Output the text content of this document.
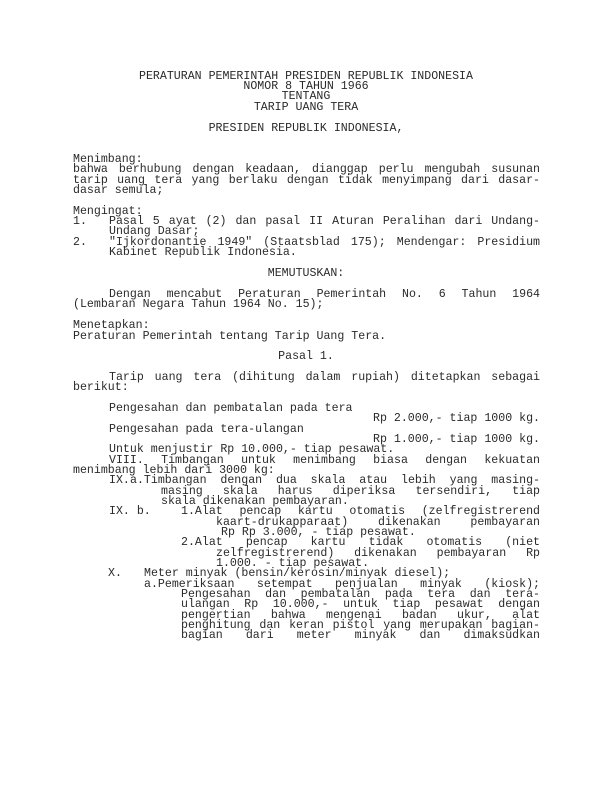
PERATURAN PEMERINTAH PRESIDEN REPUBLIK INDONESIA
NOMOR 8 TAHUN 1966
TENTANG
TARIP UANG TERA
PRESIDEN REPUBLIK INDONESIA,
Menimbang:
bahwa berhubung dengan keadaan, dianggap perlu mengubah susunan
tarip uang tera yang berlaku dengan tidak menyimpang dari dasar-
dasar semula;
Mengingat:
1. Pasal 5 ayat (2) dan pasal II Aturan Peralihan dari Undang-
Undang Dasar;
2. "Ijkordonantie 1949" (Staatsblad 175); Mendengar: Presidium
Kabinet Republik Indonesia.
MEMUTUSKAN:
Dengan mencabut Peraturan Pemerintah No. 6 Tahun 1964
(Lembaran Negara Tahun 1964 No. 15);
Menetapkan:
Peraturan Pemerintah tentang Tarip Uang Tera.
Pasal 1.
Tarip uang tera (dihitung dalam rupiah) ditetapkan sebagai
berikut:
Pengesahan dan pembatalan pada tera
Rp 2.000,- tiap 1000 kg.
Pengesahan pada tera-ulangan
Rp 1.000,- tiap 1000 kg.
Untuk menjustir Rp 10.000,- tiap pesawat.
VIII. Timbangan untuk menimbang biasa dengan kekuatan
menimbang lebih dari 3000 kg:
IX. a.Timbangan dengan dua skala atau lebih yang masing-
masing skala harus diperiksa tersendiri, tiap
skala dikenakan pembayaran.
IX. b.	1.Alat pencap kartu otomatis (zelfregistrerend
kaart-drukapparaat) dikenakan pembayaran
Rp Rp 3.000, - tiap pesawat.
2.Alat pencap kartu tidak otomatis (niet
zelfregistrerend) dikenakan pembayaran Rp
1.000. - tiap pesawat.
X. Meter minyak (bensin/kerosin/minyak diesel);
a.Pemeriksaan setempat penjualan minyak (kiosk);
Pengesahan dan pembatalan pada tera dan tera-
ulangan Rp 10.000,- untuk tiap pesawat dengan
pengertian bahwa mengenai badan ukur, alat
penghitung dan keran pistol yang merupakan bagian-
bagian dari meter minyak dan dimaksudkan
